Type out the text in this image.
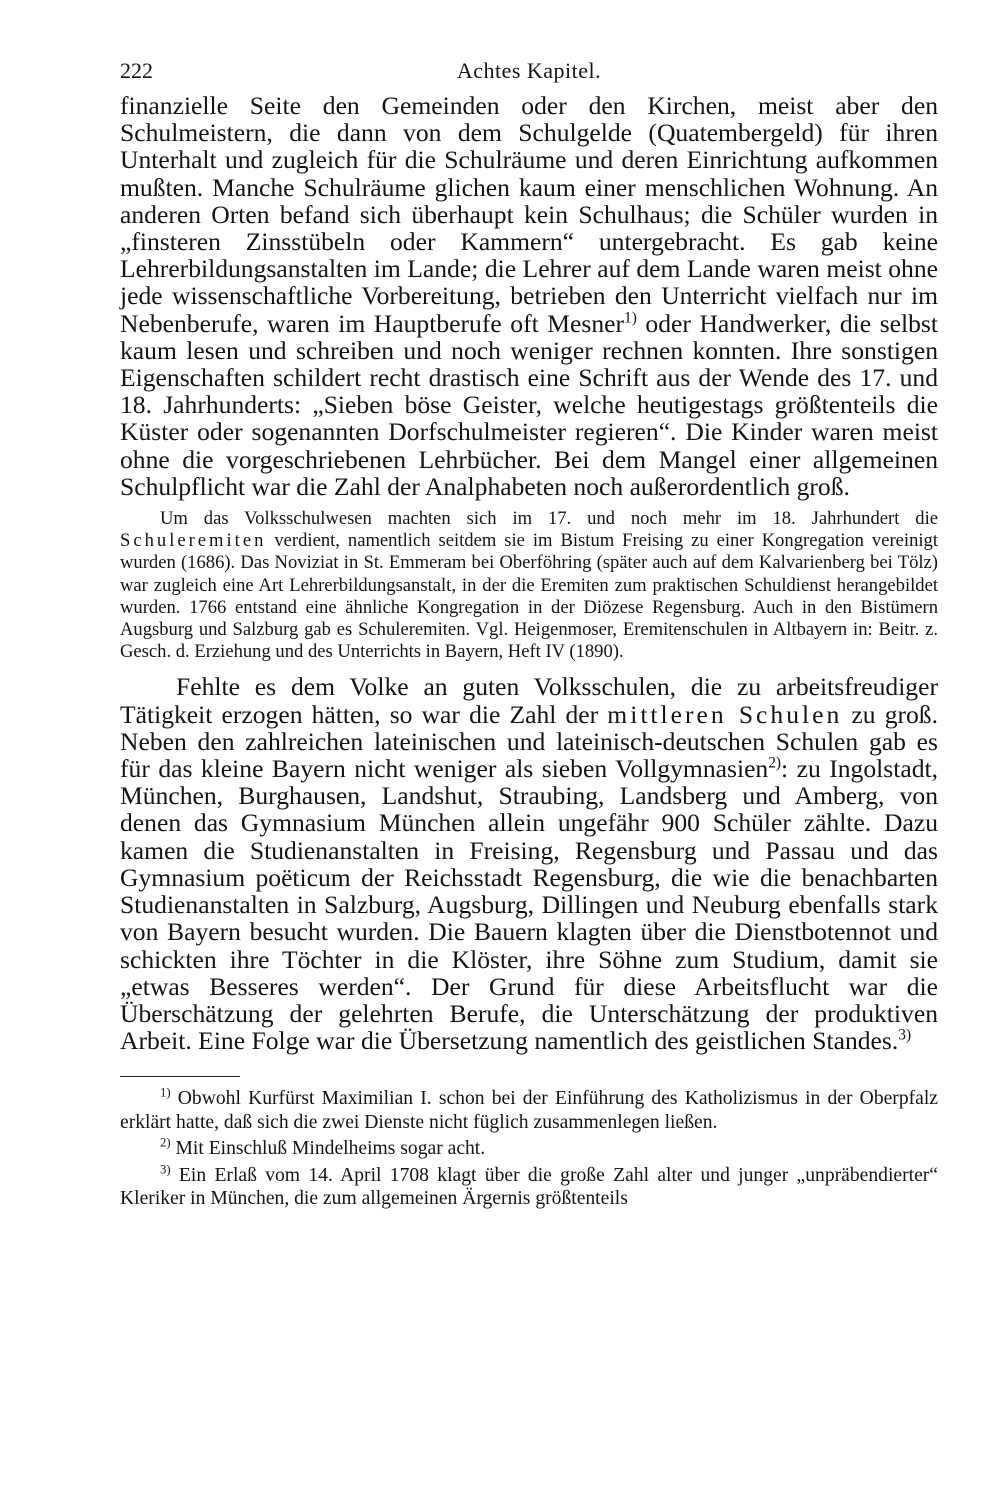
222	Achtes Kapitel.

finanzielle Seite den Gemeinden oder den Kirchen, meist aber den Schulmeistern, die dann von dem Schulgelde (Quatembergeld) für ihren Unterhalt und zugleich für die Schulräume und deren Einrichtung aufkommen mußten. Manche Schulräume glichen kaum einer menschlichen Wohnung. An anderen Orten befand sich überhaupt kein Schulhaus; die Schüler wurden in „finsteren Zinsstübeln oder Kammern“ untergebracht. Es gab keine Lehrerbildungsanstalten im Lande; die Lehrer auf dem Lande waren meist ohne jede wissenschaftliche Vorbereitung, betrieben den Unterricht vielfach nur im Nebenberufe, waren im Hauptberufe oft Mesner$^{1)}$ oder Handwerker, die selbst kaum lesen und schreiben und noch weniger rechnen konnten. Ihre sonstigen Eigenschaften schildert recht drastisch eine Schrift aus der Wende des 17. und 18. Jahrhunderts: „Sieben böse Geister, welche heutigestags größtenteils die Küster oder sogenannten Dorfschulmeister regieren“. Die Kinder waren meist ohne die vorgeschriebenen Lehrbücher. Bei dem Mangel einer allgemeinen Schulpflicht war die Zahl der Analphabeten noch außerordentlich groß.

Um das Volksschulwesen machten sich im 17. und noch mehr im 18. Jahrhundert die Schuleremiten verdient, namentlich seitdem sie im Bistum Freising zu einer Kongregation vereinigt wurden (1686). Das Noviziat in St. Emmeram bei Oberföhring (später auch auf dem Kalvarienberg bei Tölz) war zugleich eine Art Lehrerbildungsanstalt, in der die Eremiten zum praktischen Schuldienst herangebildet wurden. 1766 entstand eine ähnliche Kongregation in der Diözese Regensburg. Auch in den Bistümern Augsburg und Salzburg gab es Schuleremiten. Vgl. Heigenmoser, Eremitenschulen in Altbayern in: Beitr. z. Gesch. d. Erziehung und des Unterrichts in Bayern, Heft IV (1890).

Fehlte es dem Volke an guten Volksschulen, die zu arbeitsfreudiger Tätigkeit erzogen hätten, so war die Zahl der mittleren Schulen zu groß. Neben den zahlreichen lateinischen und lateinisch-deutschen Schulen gab es für das kleine Bayern nicht weniger als sieben Vollgymnasien$^{2)}$: zu Ingolstadt, München, Burghausen, Landshut, Straubing, Landsberg und Amberg, von denen das Gymnasium München allein ungefähr 900 Schüler zählte. Dazu kamen die Studienanstalten in Freising, Regensburg und Passau und das Gymnasium poëticum der Reichsstadt Regensburg, die wie die benachbarten Studienanstalten in Salzburg, Augsburg, Dillingen und Neuburg ebenfalls stark von Bayern besucht wurden. Die Bauern klagten über die Dienstbotennot und schickten ihre Töchter in die Klöster, ihre Söhne zum Studium, damit sie „etwas Besseres werden“. Der Grund für diese Arbeitsflucht war die Überschätzung der gelehrten Berufe, die Unterschätzung der produktiven Arbeit. Eine Folge war die Übersetzung namentlich des geistlichen Standes.$^{3)}$

$^{1)}$ Obwohl Kurfürst Maximilian I. schon bei der Einführung des Katholizismus in der Oberpfalz erklärt hatte, daß sich die zwei Dienste nicht füglich zusammenlegen ließen.

$^{2)}$ Mit Einschluß Mindelheims sogar acht.

$^{3)}$ Ein Erlaß vom 14. April 1708 klagt über die große Zahl alter und junger „unpräbendierter“ Kleriker in München, die zum allgemeinen Ärgernis größtenteils
